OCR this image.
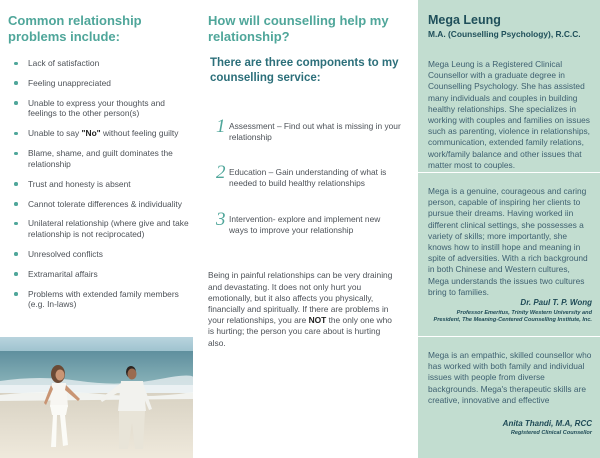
Common relationship problems include:
Lack of satisfaction
Feeling unappreciated
Unable to express your thoughts and feelings to the other person(s)
Unable to say "No" without feeling guilty
Blame, shame, and guilt dominates the relationship
Trust and honesty is absent
Cannot tolerate differences & individuality
Unilateral relationship (where give and take relationship is not reciprocated)
Unresolved conflicts
Extramarital affairs
Problems with extended family members (e.g. In-laws)
How will counselling help my relationship?
There are three components to my counselling service:
1 Assessment – Find out what is missing in your relationship
2 Education – Gain understanding of what is needed to build healthy relationships
3 Intervention- explore and implement new ways to improve your relationship

Being in painful relationships can be very draining and devastating. It does not only hurt you emotionally, but it also affects you physically, financially and spiritually. If there are problems in your relationships, you are NOT the only one who is hurting; the person you care about is hurting also.

Mega Leung
M.A. (Counselling Psychology), R.C.C.

Mega Leung is a Registered Clinical Counsellor with a graduate degree in Counselling Psychology. She has assisted many individuals and couples in building healthy relationships. She specializes in working with couples and families on issues such as parenting, violence in relationships, communication, extended family relations, work/family balance and other issues that matter most to couples.

Mega is a genuine, courageous and caring person, capable of inspiring her clients to pursue their dreams. Having worked iin different clinical settings, she possesses a variety of skills; more importantly, she knows how to instill hope and meaning in spite of adversities. With a rich background in both Chinese and Western cultures, Mega understands the issues two cultures bring to families.

Dr. Paul T. P. Wong
Professor Emeritus, Trinity Western University and
President, The Meaning-Centered Counselling Institute, Inc.

Mega is an empathic, skilled counsellor who has worked with both family and individual issues with people from diverse backgrounds. Mega's therapeutic skills are creative, innovative and effective

Anita Thandi, M.A, RCC
Registered Clinical Counsellor
